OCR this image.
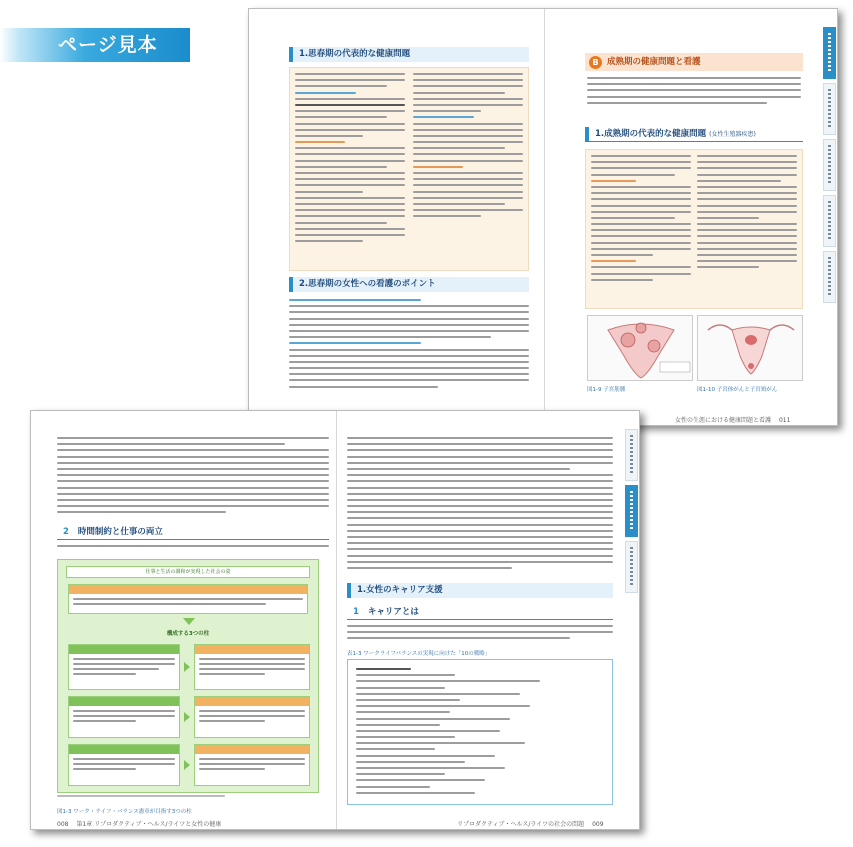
ページ見本	1.思春期の代表的な健康問題
2.思春期の女性への看護のポイント
B 成熟期の健康問題と看護
1.成熟期の代表的な健康問題 (女性生殖器疾患)
図1-9 子宮筋腫	図1-10 子宮体がんと子宮頸がん
女性の生涯における健康問題と看護 011
2 時間制約と仕事の両立
仕事と生活の調和が実現した社会の姿
構成する3つの柱
図1-3 ワーク・ライフ・バランス憲章が目指す3つの柱
008 第1章 リプロダクティブ・ヘルス/ライツと女性の健康
1.女性のキャリア支援
1 キャリアとは
表1-3 ワークライフバランスの実現に向けた「10の戦略」
リプロダクティブ・ヘルス/ライツの社会の問題 009
